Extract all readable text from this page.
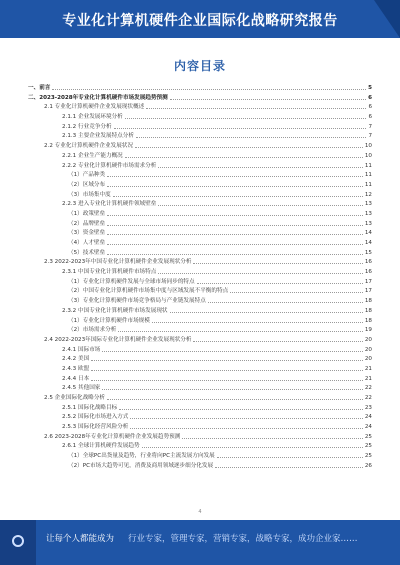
专业化计算机硬件企业国际化战略研究报告
内容目录
一、前言	5
二、2023-2028年专业化计算机硬件市场发展趋势预测	6
2.1 专业化计算机硬件企业发展现状概述	6
2.1.1 企业发展环境分析	6
2.1.2 行业竞争分析	7
2.1.3 主要企业发展特点分析	7
2.2 专业化计算机硬件企业发展状况	10
2.2.1 企业生产能力概况	10
2.2.2 专业化计算机硬件市场需求分析	11
（1）产品种类	11
（2）区域分布	11
（3）市场集中度	12
2.2.3 进入专业化计算机硬件领域壁垒	13
（1）政策壁垒	13
（2）品牌壁垒	13
（3）资金壁垒	14
（4）人才壁垒	14
（5）技术壁垒	15
2.3 2022-2023年中国专业化计算机硬件企业发展现状分析	16
2.3.1 中国专业化计算机硬件市场特点	16
（1）专业化计算机硬件发展与全球市场同步的特点	17
（2）中国专业化计算机硬件市场集中度与区域发展不平衡的特点	17
（3）专业化计算机硬件市场竞争格局与产业链发展特点	18
2.3.2 中国专业化计算机硬件市场发展现状	18
（1）专业化计算机硬件市场规模	18
（2）市场需求分析	19
2.4 2022-2023年国际专业化计算机硬件企业发展现状分析	20
2.4.1 国际市场	20
2.4.2 美国	20
2.4.3 欧盟	21
2.4.4 日本	21
2.4.5 其他国家	22
2.5 企业国际化战略分析	22
2.5.1 国际化战略目标	23
2.5.2 国际化市场进入方式	24
2.5.3 国际化经营风险分析	24
2.6 2023-2028年专业化计算机硬件企业发展趋势预测	25
2.6.1 全球计算机硬件发展趋势	25
（1）全球PC出货量及趋势，行业将向PC主流发展方向发展	25
（2）PC市场大趋势可见，消费及商用领域逐步细分化发展	26
4
让每个人都能成为 行业专家，管理专家，营销专家，战略专家，成功企业家……
